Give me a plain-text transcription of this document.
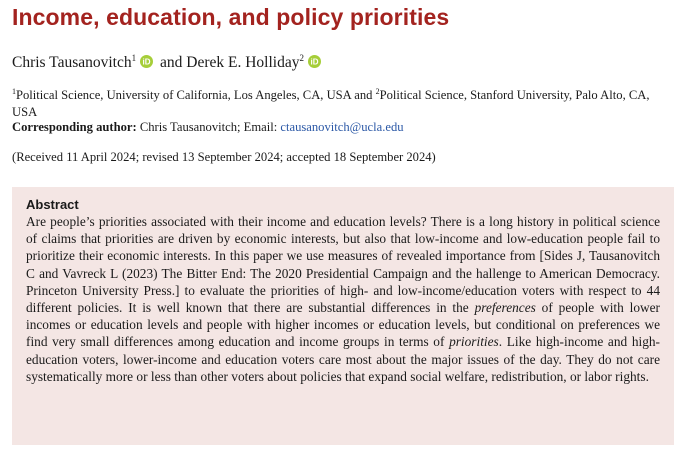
Income, education, and policy priorities
Chris Tausanovitch$^1$ iD and Derek E. Holliday$^2$ iD
$^1$Political Science, University of California, Los Angeles, CA, USA and $^2$Political Science, Stanford University, Palo Alto, CA, USA
Corresponding author: Chris Tausanovitch; Email: ctausanovitch@ucla.edu
(Received 11 April 2024; revised 13 September 2024; accepted 18 September 2024)
Abstract

Are people’s priorities associated with their income and education levels? There is a long history in political science of claims that priorities are driven by economic interests, but also that low-income and low-education people fail to prioritize their economic interests. In this paper we use measures of revealed importance from [Sides J, Tausanovitch C and Vavreck L (2023) The Bitter End: The 2020 Presidential Campaign and the hallenge to American Democracy. Princeton University Press.] to evaluate the priorities of high- and low-income/education voters with respect to 44 different policies. It is well known that there are substantial differences in the preferences of people with lower incomes or education levels and people with higher incomes or education levels, but conditional on preferences we find very small differences among education and income groups in terms of priorities. Like high-income and high-education voters, lower-income and education voters care most about the major issues of the day. They do not care systematically more or less than other voters about policies that expand social welfare, redistribution, or labor rights.
